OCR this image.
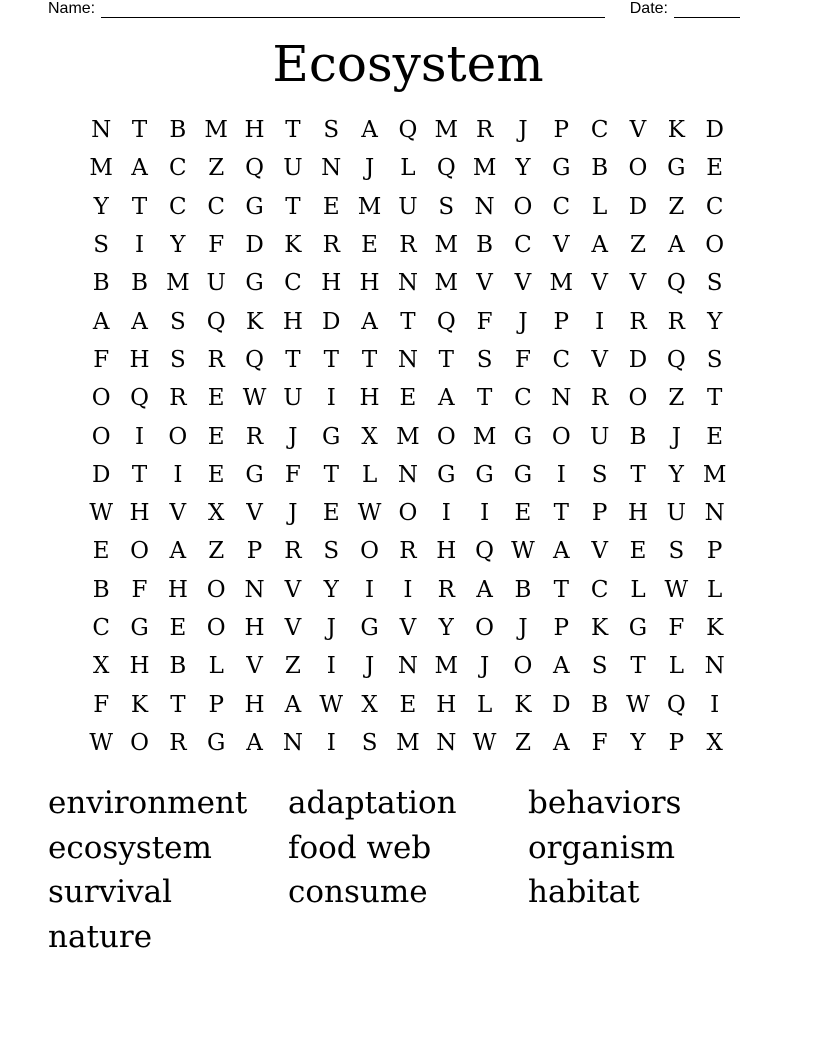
Name:	Date:
Ecosystem
N T B M H T S A Q M R	J	P C V K D
M A C Z Q U N	J	L Q M Y G B O G E
Y	T C C G T E M U S N O C L D Z C
S	I	Y F D K R E R M B C V A Z A O
B B M U G C H H N M V V M V V Q S
A A S Q K H D A T Q F	J	P	I	R R Y
F H S R Q T	T	T N T S F C V D Q S
O Q R E W U	I	H E A T C N R O Z T
O	I	O E R	J	G X M O M G O U B	J	E
D T	I	E G F T	L N G G G	I	S T	Y M
W H V X V	J	E W O	I	I	E T P H U N
E O A Z P R S O R H Q W A V E S P
B F H O N V Y	I	I	R A B T C L W L
C G E O H V	J	G V Y O	J	P K G F K
X H B L V Z	I	J	N M J	O A S T	L N
F K T P H A W X E H L K D B W Q	I
W O R G A N	I	S M N W Z A F Y	P X
environment	adaptation	behaviors
ecosystem	food web	organism
survival	consume	habitat
nature
